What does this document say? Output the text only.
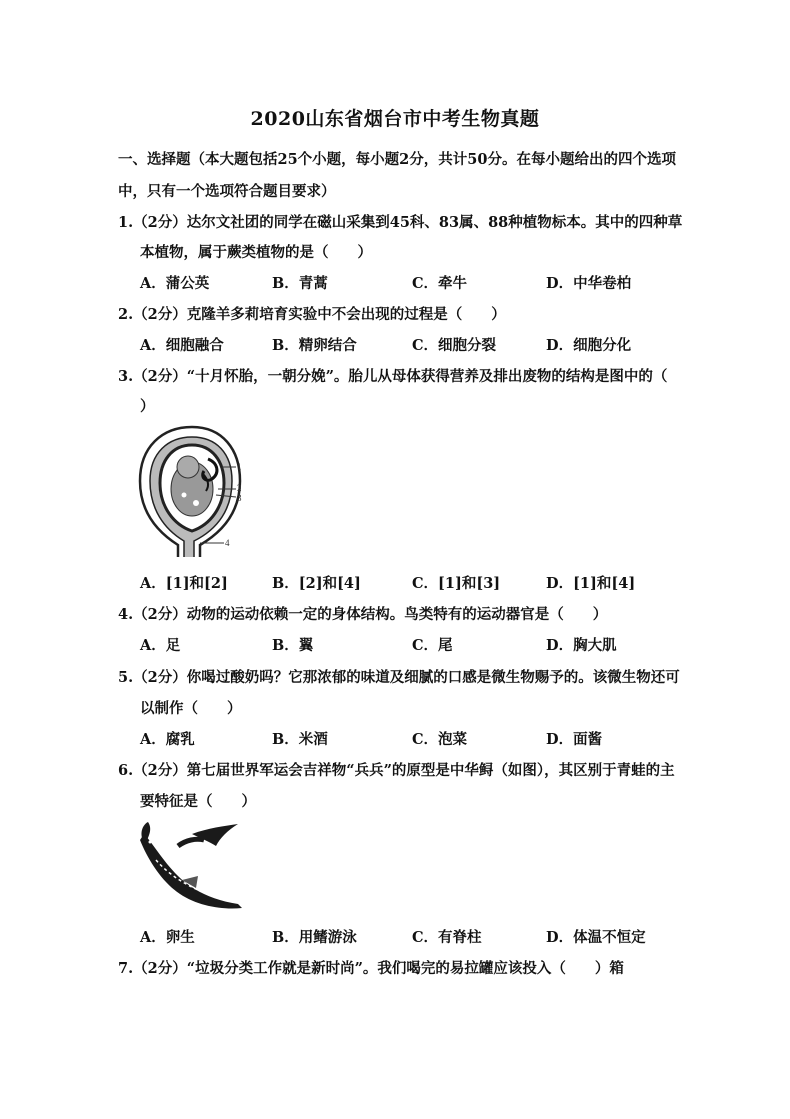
2020山东省烟台市中考生物真题
一、选择题（本大题包括25个小题，每小题2分，共计50分。在每小题给出的四个选项
中，只有一个选项符合题目要求）
1.（2分）达尔文社团的同学在磁山采集到45科、83属、88种植物标本。其中的四种草
本植物，属于蕨类植物的是（　　）
A．蒲公英	B．青蒿	C．牵牛	D．中华卷柏
2.（2分）克隆羊多莉培育实验中不会出现的过程是（　　）
A．细胞融合	B．精卵结合	C．细胞分裂	D．细胞分化
3.（2分）“十月怀胎，一朝分娩”。胎儿从母体获得营养及排出废物的结构是图中的（
）
1
2
3
4
A．[1]和[2]	B．[2]和[4]	C．[1]和[3]	D．[1]和[4]
4.（2分）动物的运动依赖一定的身体结构。鸟类特有的运动器官是（　　）
A．足	B．翼	C．尾	D．胸大肌
5.（2分）你喝过酸奶吗？它那浓郁的味道及细腻的口感是微生物赐予的。该微生物还可
以制作（　　）
A．腐乳	B．米酒	C．泡菜	D．面酱
6.（2分）第七届世界军运会吉祥物“兵兵”的原型是中华鲟（如图），其区别于青蛙的主
要特征是（　　）
A．卵生	B．用鳍游泳	C．有脊柱	D．体温不恒定
7.（2分）“垃圾分类工作就是新时尚”。我们喝完的易拉罐应该投入（　　）箱
